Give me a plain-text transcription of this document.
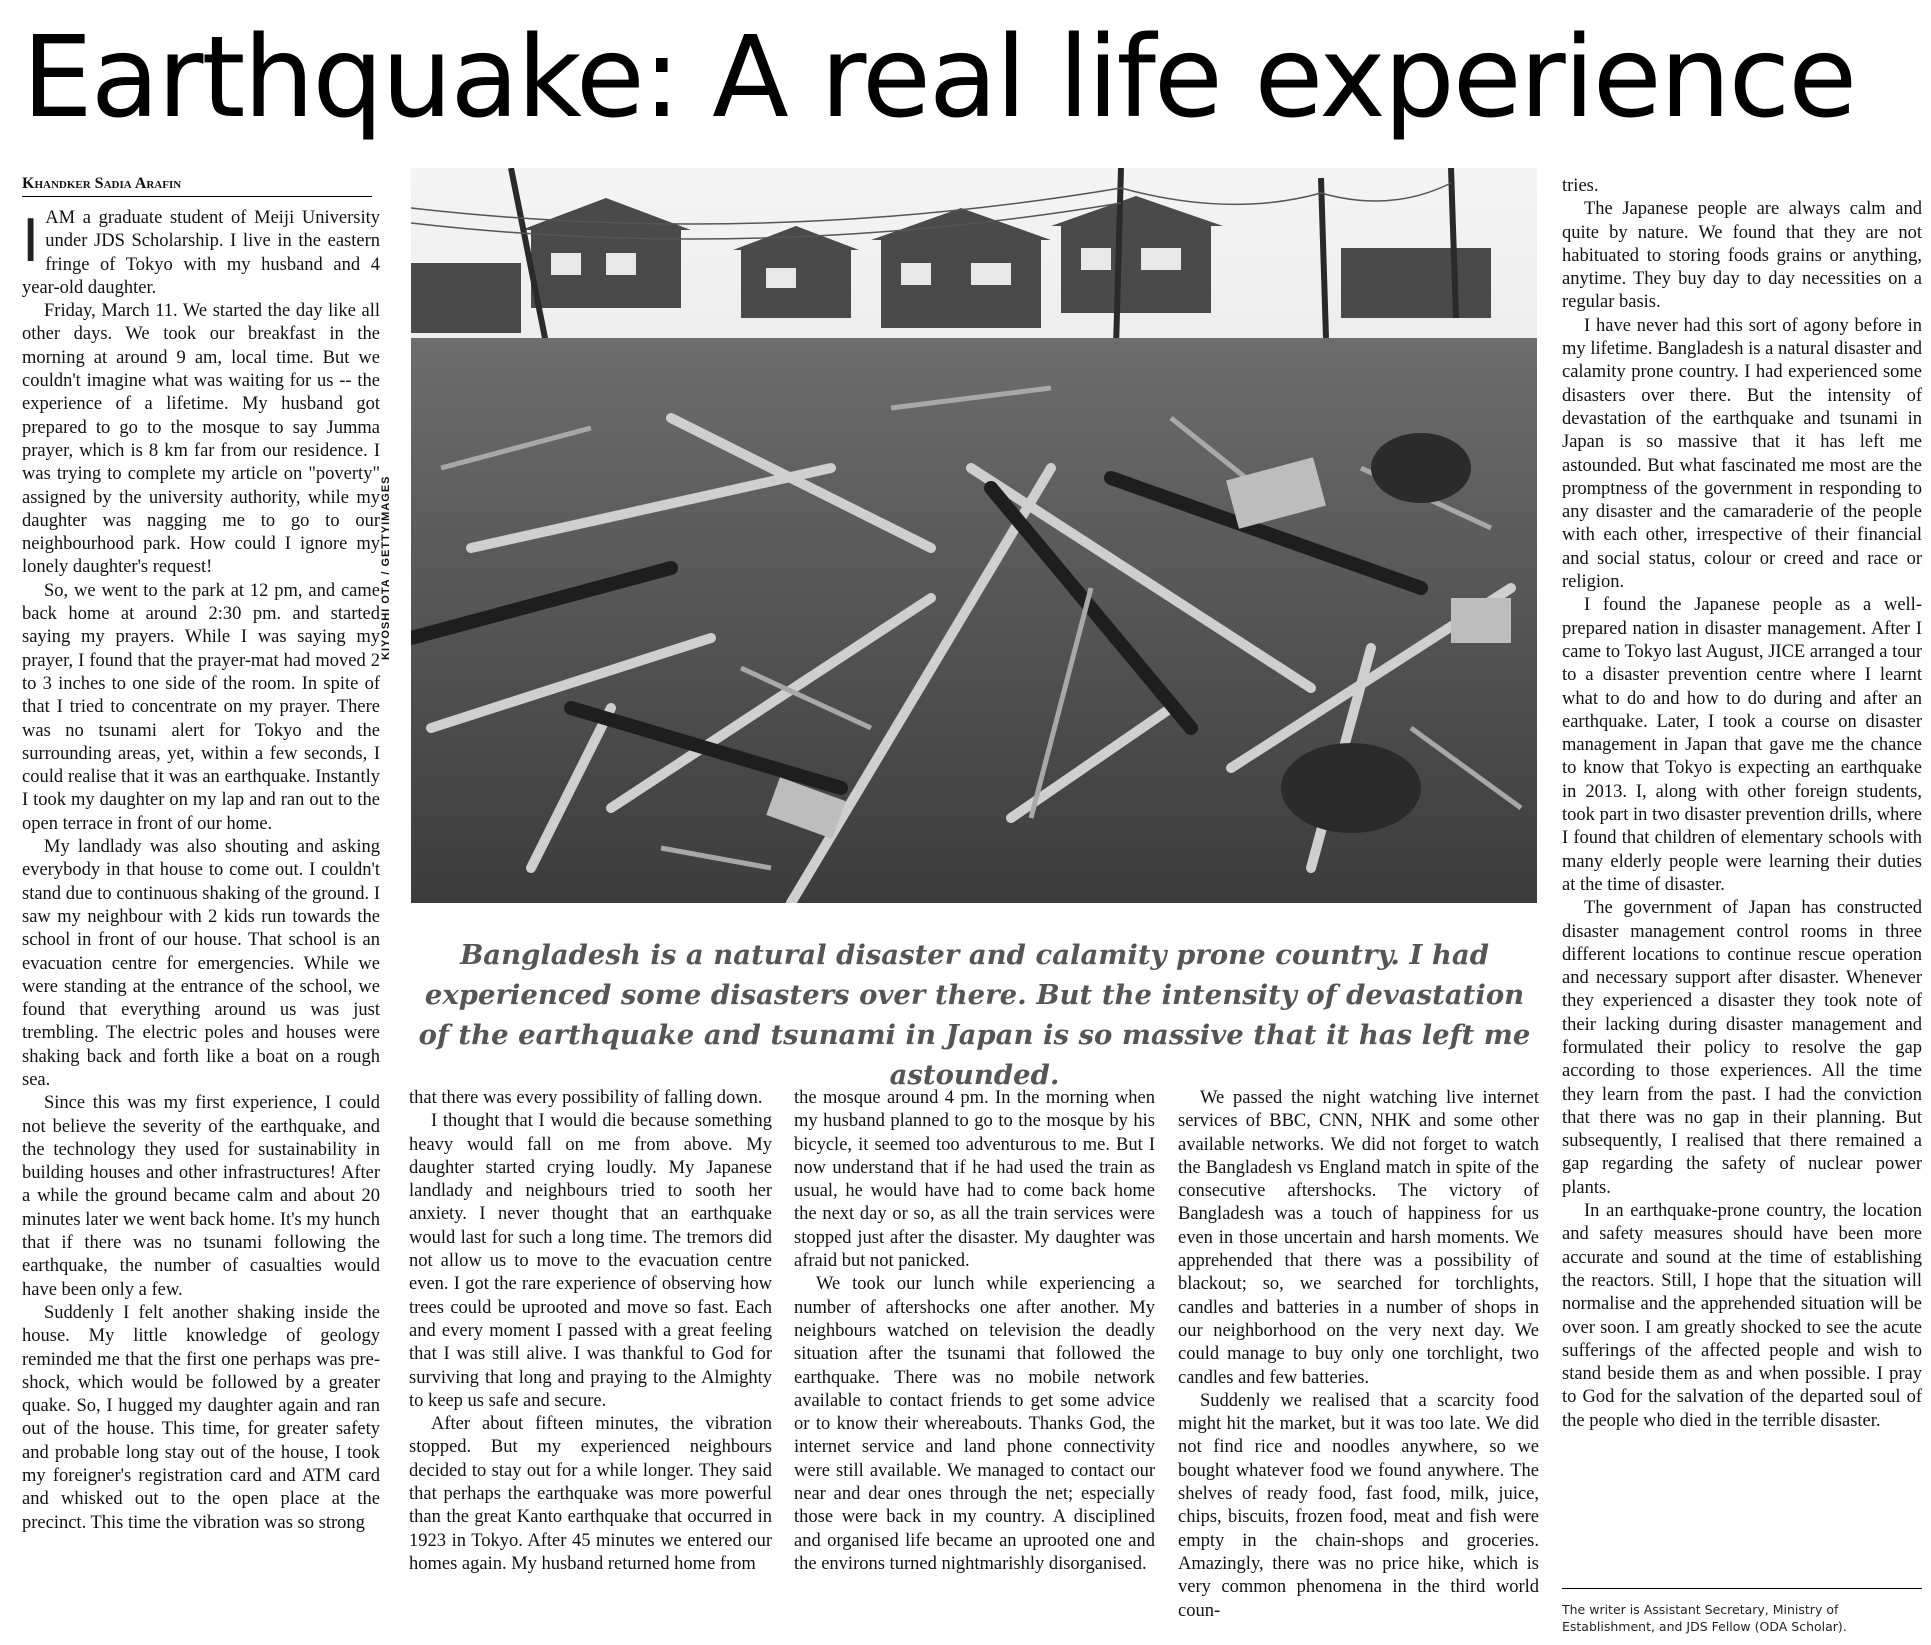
Earthquake: A real life experience
Khandker Sadia Arafin

IAM a graduate student of Meiji University under JDS Scholarship. I live in the eastern fringe of Tokyo with my husband and 4 year-old daughter.

Friday, March 11. We started the day like all other days. We took our breakfast in the morning at around 9 am, local time. But we couldn't imagine what was waiting for us -- the experience of a lifetime. My husband got prepared to go to the mosque to say Jumma prayer, which is 8 km far from our residence. I was trying to complete my article on "poverty" assigned by the university authority, while my daughter was nagging me to go to our neighbourhood park. How could I ignore my lonely daughter's request!

So, we went to the park at 12 pm, and came back home at around 2:30 pm. and started saying my prayers. While I was saying my prayer, I found that the prayer-mat had moved 2 to 3 inches to one side of the room. In spite of that I tried to concentrate on my prayer. There was no tsunami alert for Tokyo and the surrounding areas, yet, within a few seconds, I could realise that it was an earthquake. Instantly I took my daughter on my lap and ran out to the open terrace in front of our home.

My landlady was also shouting and asking everybody in that house to come out. I couldn't stand due to continuous shaking of the ground. I saw my neighbour with 2 kids run towards the school in front of our house. That school is an evacuation centre for emergencies. While we were standing at the entrance of the school, we found that everything around us was just trembling. The electric poles and houses were shaking back and forth like a boat on a rough sea.

Since this was my first experience, I could not believe the severity of the earthquake, and the technology they used for sustainability in building houses and other infrastructures! After a while the ground became calm and about 20 minutes later we went back home. It's my hunch that if there was no tsunami following the earthquake, the number of casualties would have been only a few.

Suddenly I felt another shaking inside the house. My little knowledge of geology reminded me that the first one perhaps was pre-shock, which would be followed by a greater quake. So, I hugged my daughter again and ran out of the house. This time, for greater safety and probable long stay out of the house, I took my foreigner's registration card and ATM card and whisked out to the open place at the precinct. This time the vibration was so strong

KIYOSHI OTA / GETTYIMAGES

Bangladesh is a natural disaster and calamity prone country. I had experienced some disasters over there. But the intensity of devastation of the earthquake and tsunami in Japan is so massive that it has left me astounded.

that there was every possibility of falling down.

I thought that I would die because something heavy would fall on me from above. My daughter started crying loudly. My Japanese landlady and neighbours tried to sooth her anxiety. I never thought that an earthquake would last for such a long time. The tremors did not allow us to move to the evacuation centre even. I got the rare experience of observing how trees could be uprooted and move so fast. Each and every moment I passed with a great feeling that I was still alive. I was thankful to God for surviving that long and praying to the Almighty to keep us safe and secure.

After about fifteen minutes, the vibration stopped. But my experienced neighbours decided to stay out for a while longer. They said that perhaps the earthquake was more powerful than the great Kanto earthquake that occurred in 1923 in Tokyo. After 45 minutes we entered our homes again. My husband returned home from

the mosque around 4 pm. In the morning when my husband planned to go to the mosque by his bicycle, it seemed too adventurous to me. But I now understand that if he had used the train as usual, he would have had to come back home the next day or so, as all the train services were stopped just after the disaster. My daughter was afraid but not panicked.

We took our lunch while experiencing a number of aftershocks one after another. My neighbours watched on television the deadly situation after the tsunami that followed the earthquake. There was no mobile network available to contact friends to get some advice or to know their whereabouts. Thanks God, the internet service and land phone connectivity were still available. We managed to contact our near and dear ones through the net; especially those were back in my country. A disciplined and organised life became an uprooted one and the environs turned nightmarishly disorganised.

We passed the night watching live internet services of BBC, CNN, NHK and some other available networks. We did not forget to watch the Bangladesh vs England match in spite of the consecutive aftershocks. The victory of Bangladesh was a touch of happiness for us even in those uncertain and harsh moments. We apprehended that there was a possibility of blackout; so, we searched for torchlights, candles and batteries in a number of shops in our neighborhood on the very next day. We could manage to buy only one torchlight, two candles and few batteries.

Suddenly we realised that a scarcity food might hit the market, but it was too late. We did not find rice and noodles anywhere, so we bought whatever food we found anywhere. The shelves of ready food, fast food, milk, juice, chips, biscuits, frozen food, meat and fish were empty in the chain-shops and groceries. Amazingly, there was no price hike, which is very common phenomena in the third world coun-

tries.

The Japanese people are always calm and quite by nature. We found that they are not habituated to storing foods grains or anything, anytime. They buy day to day necessities on a regular basis.

I have never had this sort of agony before in my lifetime. Bangladesh is a natural disaster and calamity prone country. I had experienced some disasters over there. But the intensity of devastation of the earthquake and tsunami in Japan is so massive that it has left me astounded. But what fascinated me most are the promptness of the government in responding to any disaster and the camaraderie of the people with each other, irrespective of their financial and social status, colour or creed and race or religion.

I found the Japanese people as a well-prepared nation in disaster management. After I came to Tokyo last August, JICE arranged a tour to a disaster prevention centre where I learnt what to do and how to do during and after an earthquake. Later, I took a course on disaster management in Japan that gave me the chance to know that Tokyo is expecting an earthquake in 2013. I, along with other foreign students, took part in two disaster prevention drills, where I found that children of elementary schools with many elderly people were learning their duties at the time of disaster.

The government of Japan has constructed disaster management control rooms in three different locations to continue rescue operation and necessary support after disaster. Whenever they experienced a disaster they took note of their lacking during disaster management and formulated their policy to resolve the gap according to those experiences. All the time they learn from the past. I had the conviction that there was no gap in their planning. But subsequently, I realised that there remained a gap regarding the safety of nuclear power plants.

In an earthquake-prone country, the location and safety measures should have been more accurate and sound at the time of establishing the reactors. Still, I hope that the situation will normalise and the apprehended situation will be over soon. I am greatly shocked to see the acute sufferings of the affected people and wish to stand beside them as and when possible. I pray to God for the salvation of the departed soul of the people who died in the terrible disaster.

The writer is Assistant Secretary, Ministry of Establishment, and JDS Fellow (ODA Scholar).
